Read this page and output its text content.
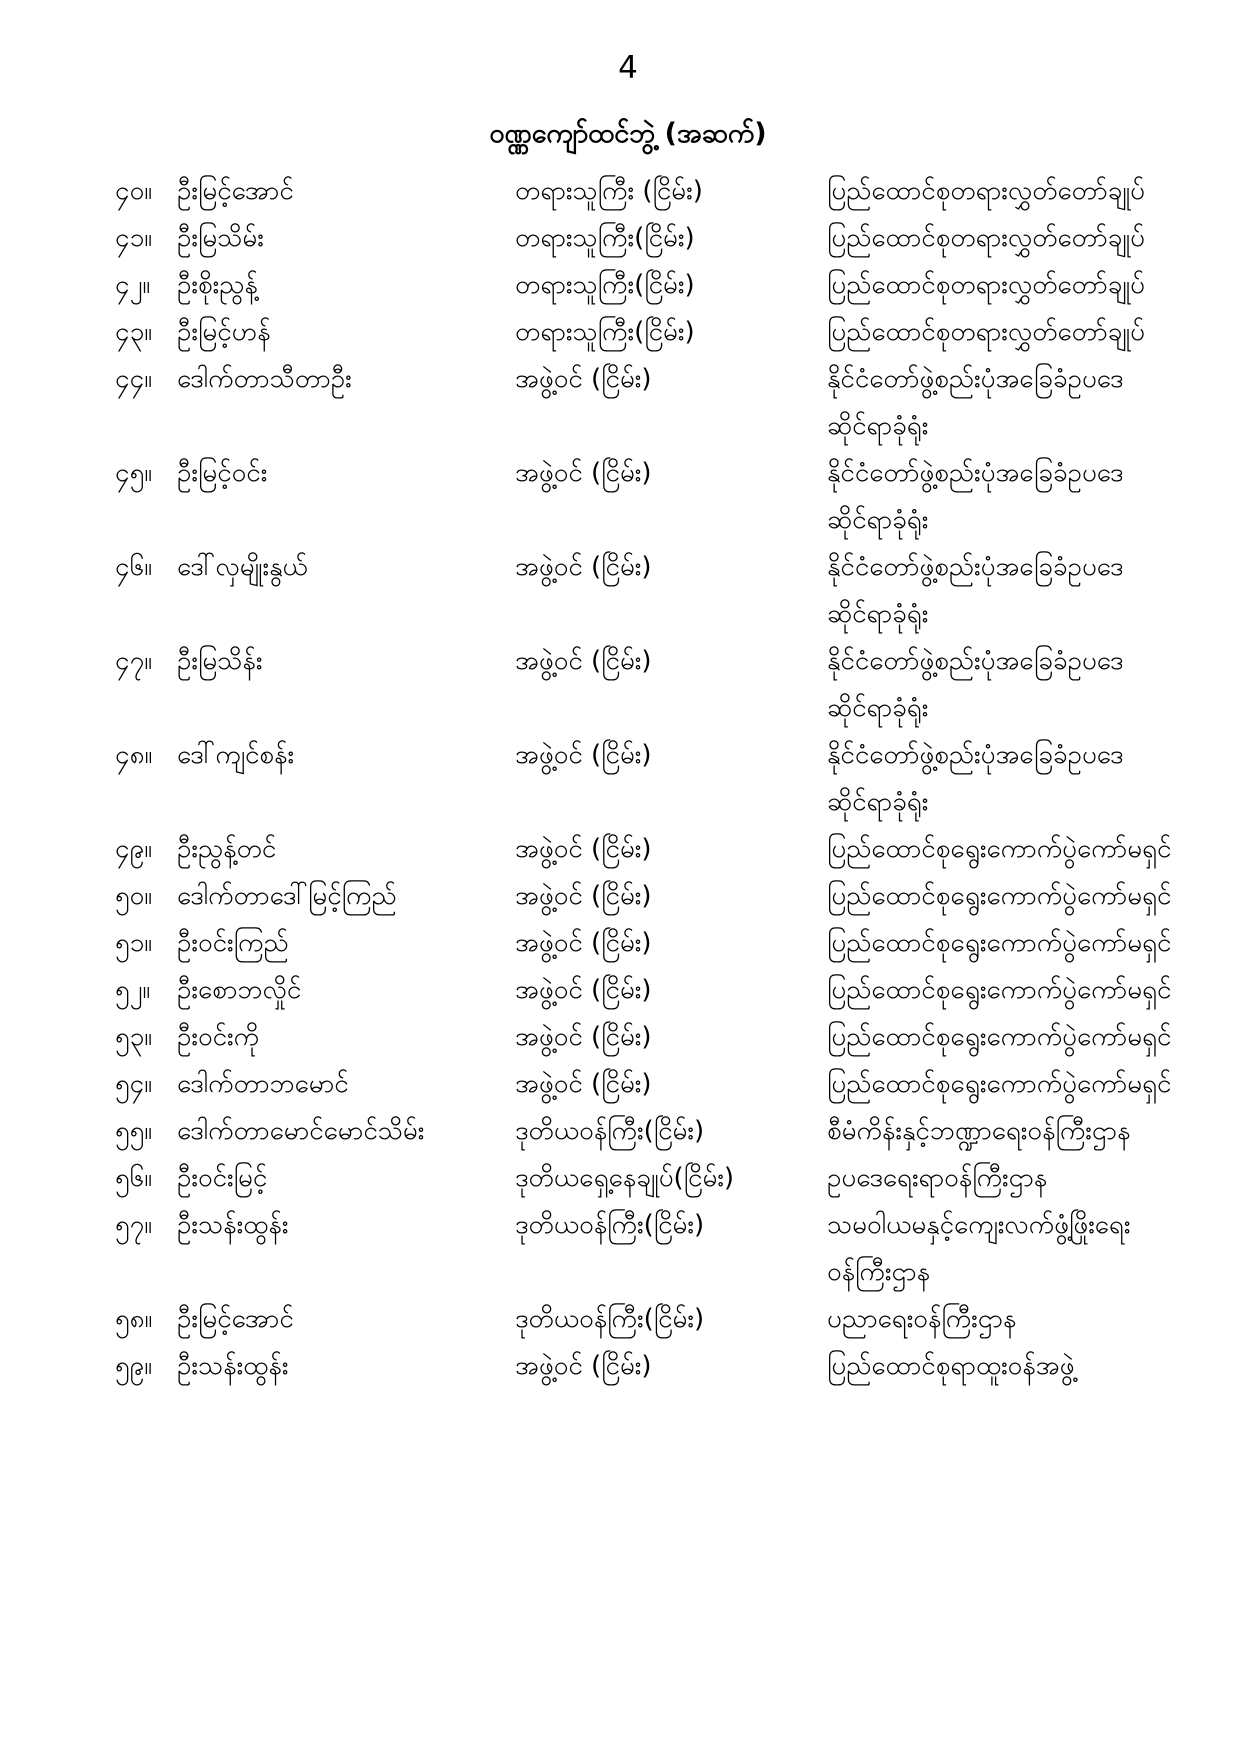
4
ဝဏ္ဏကျော်ထင်ဘွဲ့ (အဆက်)
၄၀။ ဦးမြင့်အောင်	တရားသူကြီး (ငြိမ်း)	ပြည်ထောင်စုတရားလွှတ်တော်ချုပ်
၄၁။ ဦးမြသိမ်း	တရားသူကြီး(ငြိမ်း)	ပြည်ထောင်စုတရားလွှတ်တော်ချုပ်
၄၂။	ဦးစိုးညွန့်	တရားသူကြီး(ငြိမ်း)	ပြည်ထောင်စုတရားလွှတ်တော်ချုပ်
၄၃။ ဦးမြင့်ဟန်	တရားသူကြီး(ငြိမ်း)	ပြည်ထောင်စုတရားလွှတ်တော်ချုပ်
၄၄။ ဒေါက်တာသီတာဦး	အဖွဲ့ဝင် (ငြိမ်း)	နိုင်ငံတော်ဖွဲ့စည်းပုံအခြေခံဥပဒေ
ဆိုင်ရာခုံရုံး
၄၅။ ဦးမြင့်ဝင်း	အဖွဲ့ဝင် (ငြိမ်း)	နိုင်ငံတော်ဖွဲ့စည်းပုံအခြေခံဥပဒေ
ဆိုင်ရာခုံရုံး
၄၆။ ဒေါ်လှမျိုးနွယ်	အဖွဲ့ဝင် (ငြိမ်း)	နိုင်ငံတော်ဖွဲ့စည်းပုံအခြေခံဥပဒေ
ဆိုင်ရာခုံရုံး
၄၇။ ဦးမြသိန်း	အဖွဲ့ဝင် (ငြိမ်း)	နိုင်ငံတော်ဖွဲ့စည်းပုံအခြေခံဥပဒေ
ဆိုင်ရာခုံရုံး
၄၈။ ဒေါ်ကျင်စန်း	အဖွဲ့ဝင် (ငြိမ်း)	နိုင်ငံတော်ဖွဲ့စည်းပုံအခြေခံဥပဒေ
ဆိုင်ရာခုံရုံး
၄၉။ ဦးညွန့်တင်	အဖွဲ့ဝင် (ငြိမ်း)	ပြည်ထောင်စုရွေးကောက်ပွဲကော်မရှင်
၅၀။ ဒေါက်တာဒေါ်မြင့်ကြည်	အဖွဲ့ဝင် (ငြိမ်း)	ပြည်ထောင်စုရွေးကောက်ပွဲကော်မရှင်
၅၁။ ဦးဝင်းကြည်	အဖွဲ့ဝင် (ငြိမ်း)	ပြည်ထောင်စုရွေးကောက်ပွဲကော်မရှင်
၅၂။	ဦးစောဘလှိုင်	အဖွဲ့ဝင် (ငြိမ်း)	ပြည်ထောင်စုရွေးကောက်ပွဲကော်မရှင်
၅၃။ ဦးဝင်းကို	အဖွဲ့ဝင် (ငြိမ်း)	ပြည်ထောင်စုရွေးကောက်ပွဲကော်မရှင်
၅၄။ ဒေါက်တာဘမောင်	အဖွဲ့ဝင် (ငြိမ်း)	ပြည်ထောင်စုရွေးကောက်ပွဲကော်မရှင်
၅၅။ ဒေါက်တာမောင်မောင်သိမ်း	ဒုတိယဝန်ကြီး(ငြိမ်း)	စီမံကိန်းနှင့်ဘဏ္ဍာရေးဝန်ကြီးဌာန
၅၆။ ဦးဝင်းမြင့်	ဒုတိယရှေ့နေချုပ်(ငြိမ်း)	ဥပဒေရေးရာဝန်ကြီးဌာန
၅၇။ ဦးသန်းထွန်း	ဒုတိယဝန်ကြီး(ငြိမ်း)	သမဝါယမနှင့်ကျေးလက်ဖွံ့ဖြိုးရေး
ဝန်ကြီးဌာန
၅၈။ ဦးမြင့်အောင်	ဒုတိယဝန်ကြီး(ငြိမ်း)	ပညာရေးဝန်ကြီးဌာန
၅၉။ ဦးသန်းထွန်း	အဖွဲ့ဝင် (ငြိမ်း)	ပြည်ထောင်စုရာထူးဝန်အဖွဲ့
